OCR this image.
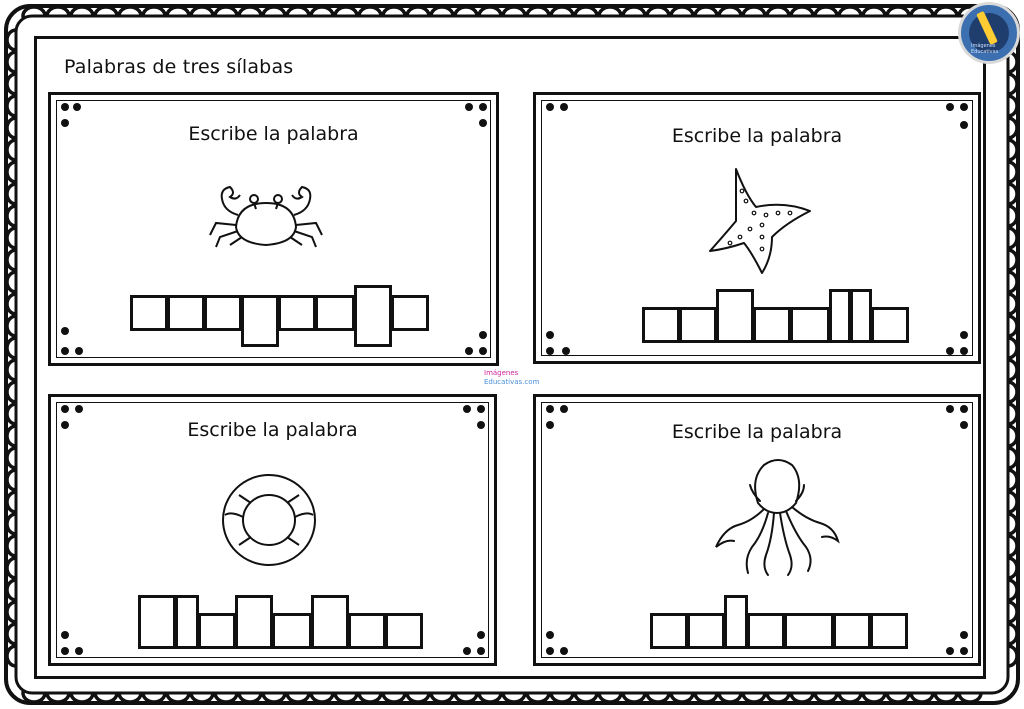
Imágenes Educativas
Palabras de tres sílabas
Escribe la palabra	Escribe la palabra
Escribe la palabra	Escribe la palabra
Imágenes
Educativas.com
